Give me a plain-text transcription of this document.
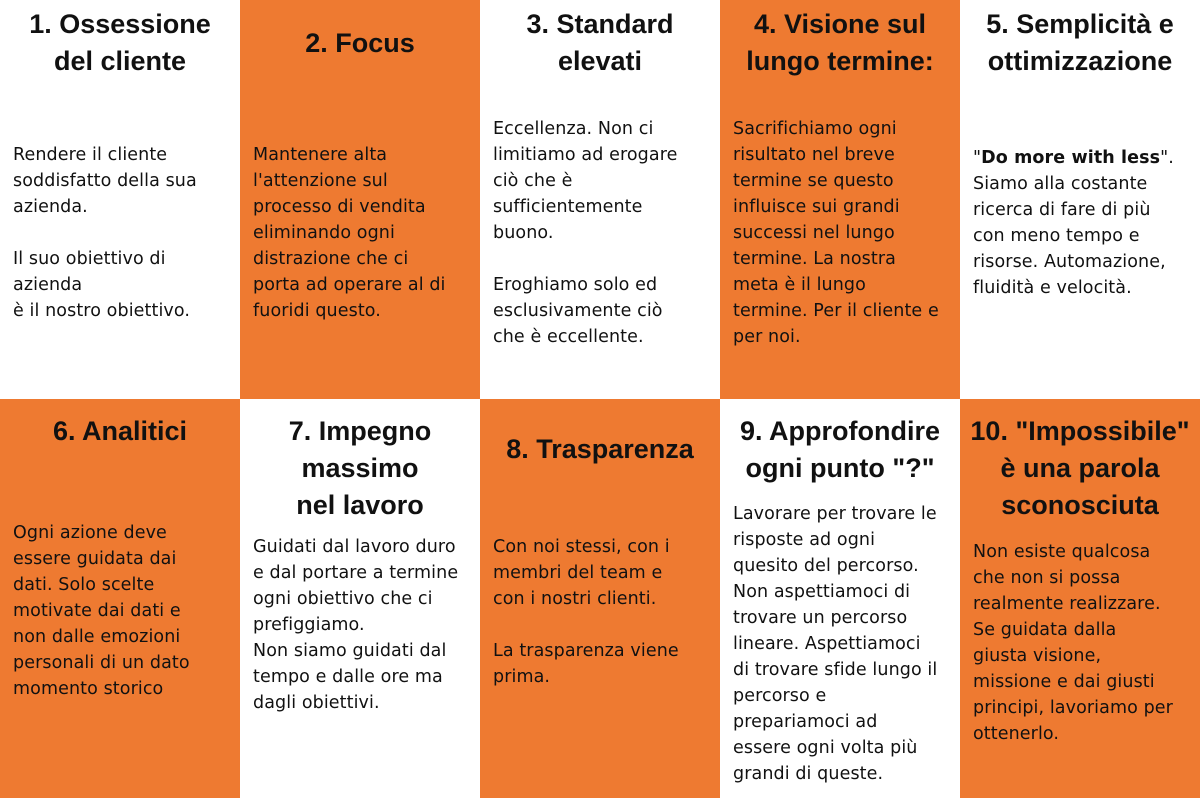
1. Ossessione
del cliente
Rendere il cliente
soddisfatto della sua
azienda.

Il suo obiettivo di
azienda
è il nostro obiettivo.
2. Focus
Mantenere alta
l'attenzione sul
processo di vendita
eliminando ogni
distrazione che ci
porta ad operare al di
fuoridi questo.
3. Standard
elevati
Eccellenza. Non ci
limitiamo ad erogare
ciò che è
sufficientemente
buono.

Eroghiamo solo ed
esclusivamente ciò
che è eccellente.
4. Visione sul
lungo termine:
Sacrifichiamo ogni
risultato nel breve
termine se questo
influisce sui grandi
successi nel lungo
termine. La nostra
meta è il lungo
termine. Per il cliente e
per noi.
5. Semplicità e
ottimizzazione

"Do more with less".

Siamo alla costante
ricerca di fare di più
con meno tempo e
risorse. Automazione,
fluidità e velocità.

6. Analitici
Ogni azione deve
essere guidata dai
dati. Solo scelte
motivate dai dati e
non dalle emozioni
personali di un dato
momento storico
7. Impegno
massimo
nel lavoro
Guidati dal lavoro duro
e dal portare a termine
ogni obiettivo che ci
prefiggiamo.
Non siamo guidati dal
tempo e dalle ore ma
dagli obiettivi.
8. Trasparenza
Con noi stessi, con i
membri del team e
con i nostri clienti.

La trasparenza viene
prima.
9. Approfondire
ogni punto "?"
Lavorare per trovare le
risposte ad ogni
quesito del percorso.
Non aspettiamoci di
trovare un percorso
lineare. Aspettiamoci
di trovare sfide lungo il
percorso e
prepariamoci ad
essere ogni volta più
grandi di queste.
10. "Impossibile"
è una parola
sconosciuta
Non esiste qualcosa
che non si possa
realmente realizzare.
Se guidata dalla
giusta visione,
missione e dai giusti
principi, lavoriamo per
ottenerlo.
